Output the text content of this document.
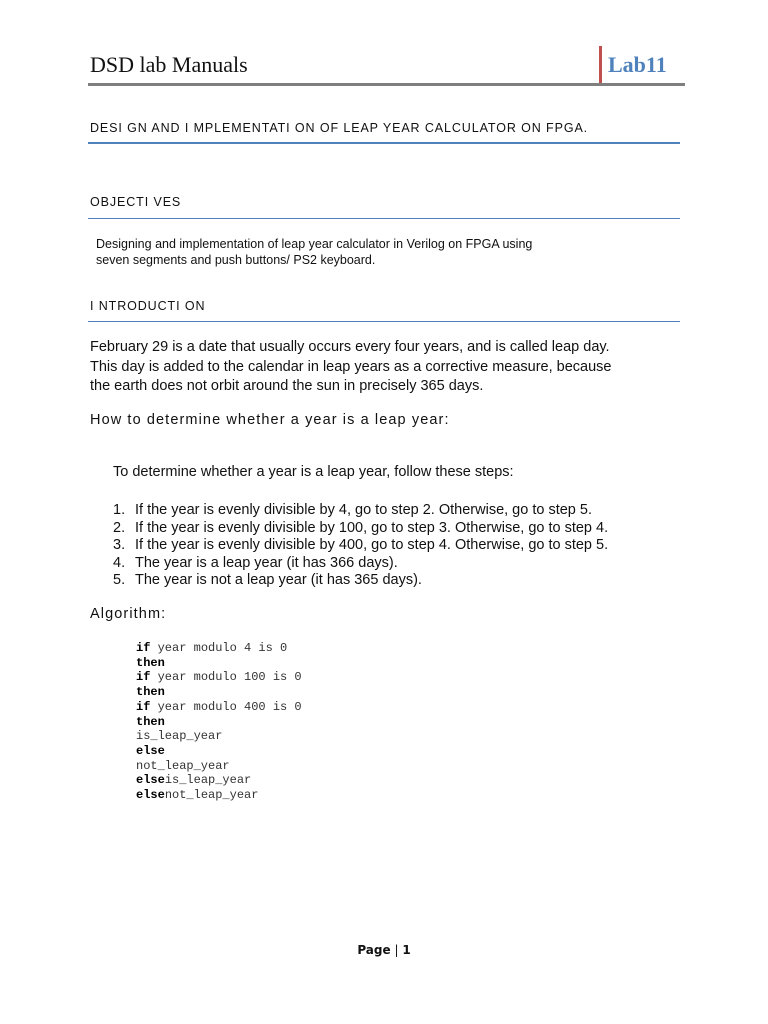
DSD lab Manuals	Lab11
DESI GN AND I MPLEMENTATI ON OF LEAP YEAR CALCULATOR ON FPGA.
OBJECTI VES
Designing and implementation of leap year calculator in Verilog on FPGA using
seven segments and push buttons/ PS2 keyboard.
I NTRODUCTI ON
February 29 is a date that usually occurs every four years, and is called leap day.
This day is added to the calendar in leap years as a corrective measure, because
the earth does not orbit around the sun in precisely 365 days.
How to determine whether a year is a leap year:
To determine whether a year is a leap year, follow these steps:
1. If the year is evenly divisible by 4, go to step 2. Otherwise, go to step 5.
2. If the year is evenly divisible by 100, go to step 3. Otherwise, go to step 4.
3. If the year is evenly divisible by 400, go to step 4. Otherwise, go to step 5.
4. The year is a leap year (it has 366 days).
5. The year is not a leap year (it has 365 days).
Algorithm:
if year modulo 4 is 0
then
if year modulo 100 is 0
then
if year modulo 400 is 0
then
is_leap_year
else
not_leap_year
elseis_leap_year
elsenot_leap_year
Page | 1
